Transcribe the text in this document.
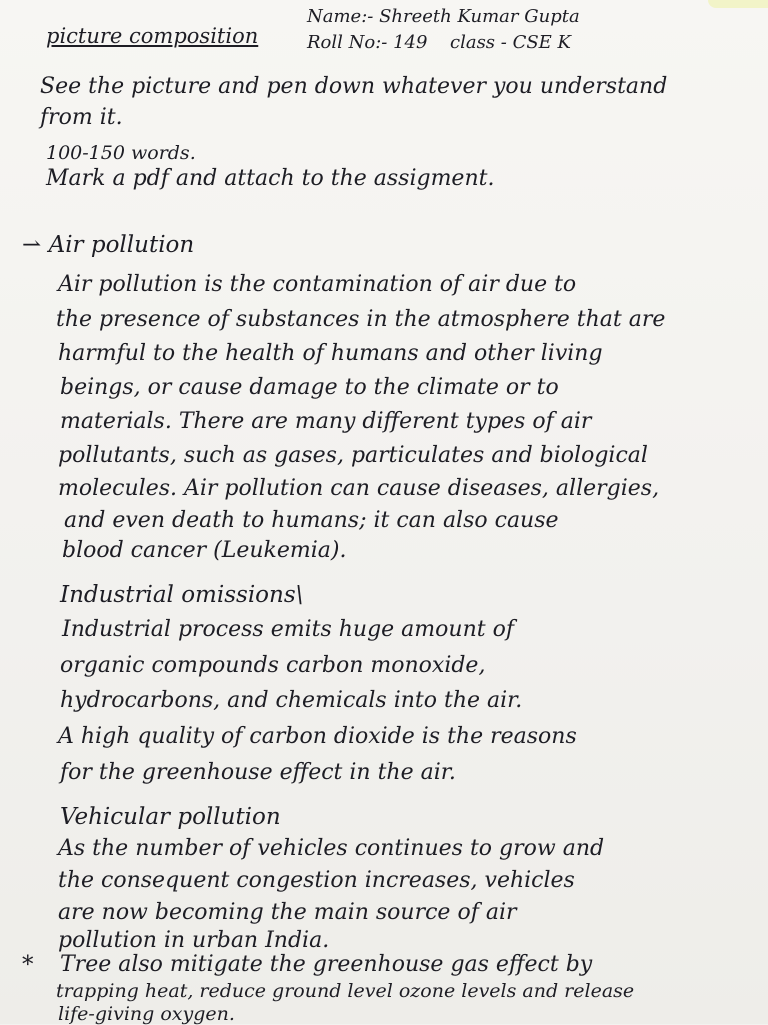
picture composition
Name:- Shreeth Kumar Gupta
Roll No:- 149 class - CSE K
See the picture and pen down whatever you understand
from it.
100-150 words.
Mark a pdf and attach to the assigment.
⇀ Air pollution
Air pollution is the contamination of air due to
the presence of substances in the atmosphere that are
harmful to the health of humans and other living
beings, or cause damage to the climate or to
materials. There are many different types of air
pollutants, such as gases, particulates and biological
molecules. Air pollution can cause diseases, allergies,
and even death to humans; it can also cause
blood cancer (Leukemia).
Industrial omissions\
Industrial process emits huge amount of
organic compounds carbon monoxide,
hydrocarbons, and chemicals into the air.
A high quality of carbon dioxide is the reasons
for the greenhouse effect in the air.
Vehicular pollution
As the number of vehicles continues to grow and
the consequent congestion increases, vehicles
are now becoming the main source of air
pollution in urban India.
* Tree also mitigate the greenhouse gas effect by
trapping heat, reduce ground level ozone levels and release
life-giving oxygen.
